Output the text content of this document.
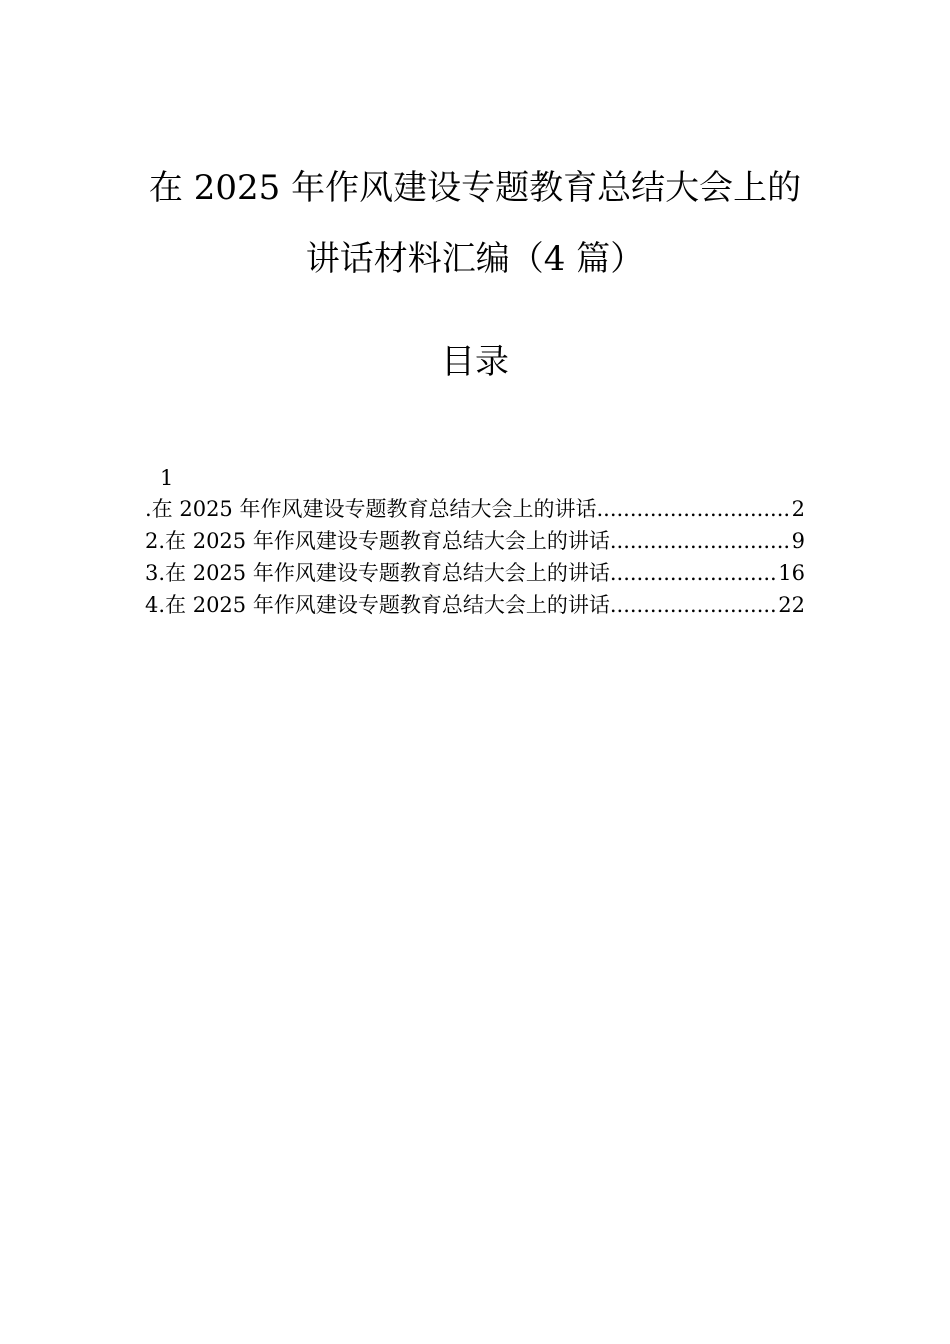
在 2025 年作风建设专题教育总结大会上的
讲话材料汇编（4 篇）
目录
1
.在 2025 年作风建设专题教育总结大会上的讲话 .....	2
2.在 2025 年作风建设专题教育总结大会上的讲话 .....	9
3.在 2025 年作风建设专题教育总结大会上的讲话 .....	16
4.在 2025 年作风建设专题教育总结大会上的讲话 .....	22
